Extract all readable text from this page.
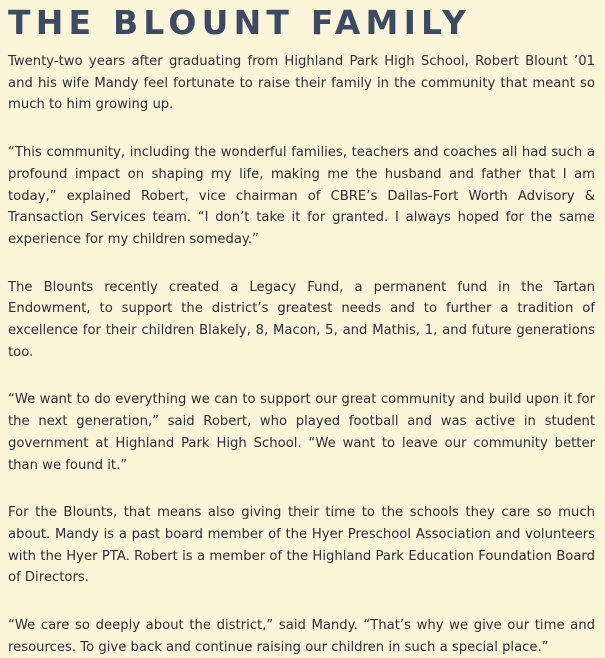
THE BLOUNT FAMILY

Twenty-two years after graduating from Highland Park High School, Robert Blount ’01 and his wife Mandy feel fortunate to raise their family in the community that meant so much to him growing up.

“This community, including the wonderful families, teachers and coaches all had such a profound impact on shaping my life, making me the husband and father that I am today,” explained Robert, vice chairman of CBRE’s Dallas-Fort Worth Advisory & Transaction Services team. “I don’t take it for granted. I always hoped for the same experience for my children someday.”

The Blounts recently created a Legacy Fund, a permanent fund in the Tartan Endowment, to support the district’s greatest needs and to further a tradition of excellence for their children Blakely, 8, Macon, 5, and Mathis, 1, and future generations too.

“We want to do everything we can to support our great community and build upon it for the next generation,” said Robert, who played football and was active in student government at Highland Park High School. “We want to leave our community better than we found it.”

For the Blounts, that means also giving their time to the schools they care so much about. Mandy is a past board member of the Hyer Preschool Association and volunteers with the Hyer PTA. Robert is a member of the Highland Park Education Foundation Board of Directors.

“We care so deeply about the district,” said Mandy. “That’s why we give our time and resources. To give back and continue raising our children in such a special place.”
